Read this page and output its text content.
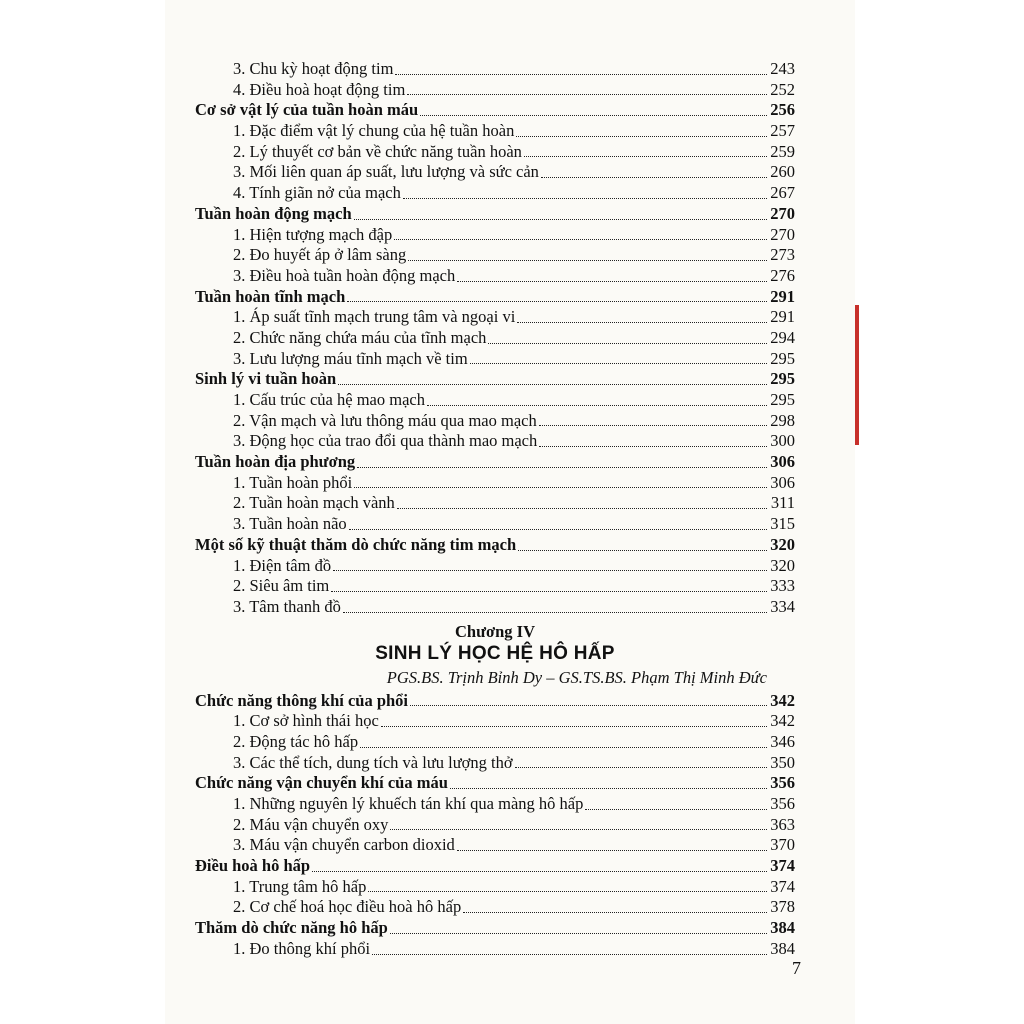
3. Chu kỳ hoạt động tim	243
4. Điều hoà hoạt động tim	252
Cơ sở vật lý của tuần hoàn máu	256
1. Đặc điểm vật lý chung của hệ tuần hoàn	257
2. Lý thuyết cơ bản về chức năng tuần hoàn	259
3. Mối liên quan áp suất, lưu lượng và sức cản	260
4. Tính giãn nở của mạch	267
Tuần hoàn động mạch	270
1. Hiện tượng mạch đập	270
2. Đo huyết áp ở lâm sàng	273
3. Điều hoà tuần hoàn động mạch	276
Tuần hoàn tĩnh mạch	291
1. Áp suất tĩnh mạch trung tâm và ngoại vi	291
2. Chức năng chứa máu của tĩnh mạch	294
3. Lưu lượng máu tĩnh mạch về tim	295
Sinh lý vi tuần hoàn	295
1. Cấu trúc của hệ mao mạch	295
2. Vận mạch và lưu thông máu qua mao mạch	298
3. Động học của trao đổi qua thành mao mạch	300
Tuần hoàn địa phương	306
1. Tuần hoàn phổi	306
2. Tuần hoàn mạch vành	311
3. Tuần hoàn não	315
Một số kỹ thuật thăm dò chức năng tim mạch	320
1. Điện tâm đồ	320
2. Siêu âm tim	333
3. Tâm thanh đồ	334
Chương IV
SINH LÝ HỌC HỆ HÔ HẤP
PGS.BS. Trịnh Bỉnh Dy – GS.TS.BS. Phạm Thị Minh Đức
Chức năng thông khí của phổi	342
1. Cơ sở hình thái học	342
2. Động tác hô hấp	346
3. Các thể tích, dung tích và lưu lượng thở	350
Chức năng vận chuyển khí của máu	356
1. Những nguyên lý khuếch tán khí qua màng hô hấp	356
2. Máu vận chuyển oxy	363
3. Máu vận chuyển carbon dioxid	370
Điều hoà hô hấp	374
1. Trung tâm hô hấp	374
2. Cơ chế hoá học điều hoà hô hấp	378
Thăm dò chức năng hô hấp	384
1. Đo thông khí phổi	384
7
